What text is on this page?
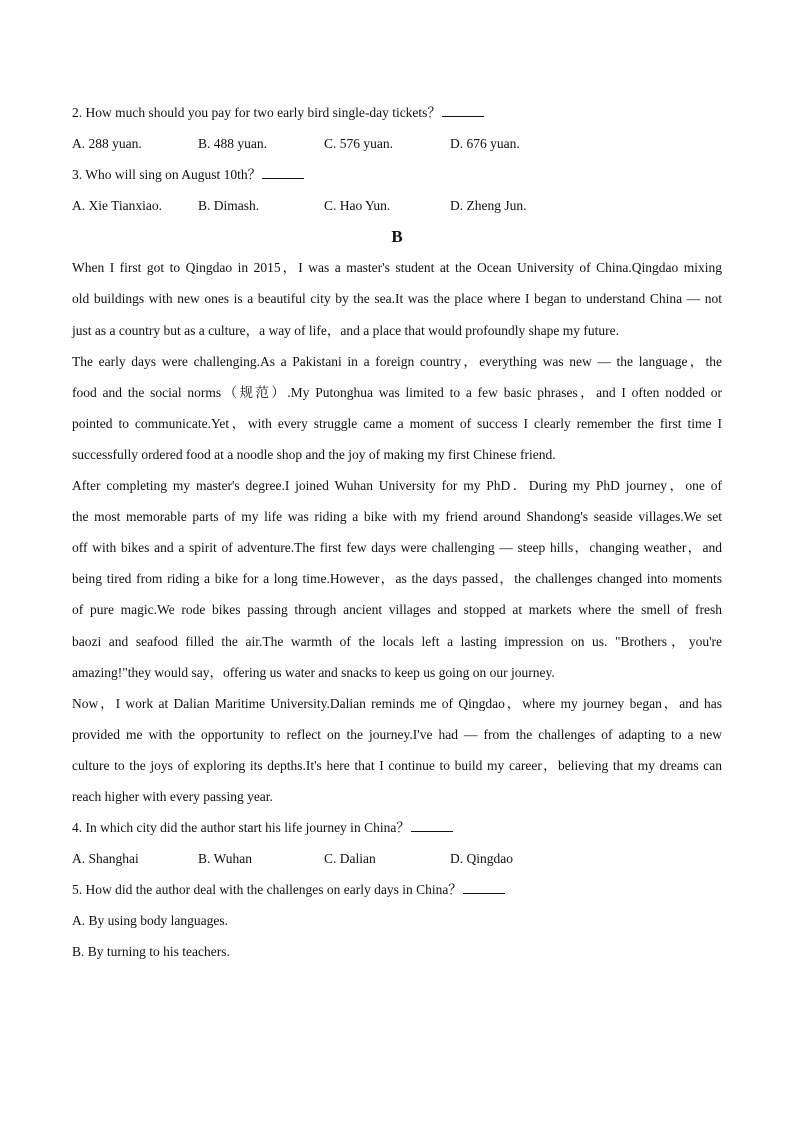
2. How much should you pay for two early bird single-day tickets？
A. 288 yuan.	B. 488 yuan.	C. 576 yuan.	D. 676 yuan.
3. Who will sing on August 10th？
A. Xie Tianxiao.	B. Dimash.	C. Hao Yun.	D. Zheng Jun.
B
When I first got to Qingdao in 2015，I was a master's student at the Ocean University of China.Qingdao mixing
old buildings with new ones is a beautiful city by the sea.It was the place where I began to understand China — not
just as a country but as a culture，a way of life，and a place that would profoundly shape my future.
The early days were challenging.As a Pakistani in a foreign country，everything was new — the language，the
food and the social norms（规范）.My Putonghua was limited to a few basic phrases，and I often nodded or
pointed to communicate.Yet，with every struggle came a moment of success I clearly remember the first time I
successfully ordered food at a noodle shop and the joy of making my first Chinese friend.
After completing my master's degree.I joined Wuhan University for my PhD．During my PhD journey，one of
the most memorable parts of my life was riding a bike with my friend around Shandong's seaside villages.We set
off with bikes and a spirit of adventure.The first few days were challenging — steep hills，changing weather，and
being tired from riding a bike for a long time.However，as the days passed，the challenges changed into moments
of pure magic.We rode bikes passing through ancient villages and stopped at markets where the smell of fresh
baozi and seafood filled the air.The warmth of the locals left a lasting impression on us. "Brothers，you're
amazing!"they would say，offering us water and snacks to keep us going on our journey.
Now，I work at Dalian Maritime University.Dalian reminds me of Qingdao，where my journey began，and has
provided me with the opportunity to reflect on the journey.I've had — from the challenges of adapting to a new
culture to the joys of exploring its depths.It's here that I continue to build my career，believing that my dreams can
reach higher with every passing year.
4. In which city did the author start his life journey in China？
A. Shanghai	B. Wuhan	C. Dalian	D. Qingdao
5. How did the author deal with the challenges on early days in China？
A. By using body languages.
B. By turning to his teachers.
